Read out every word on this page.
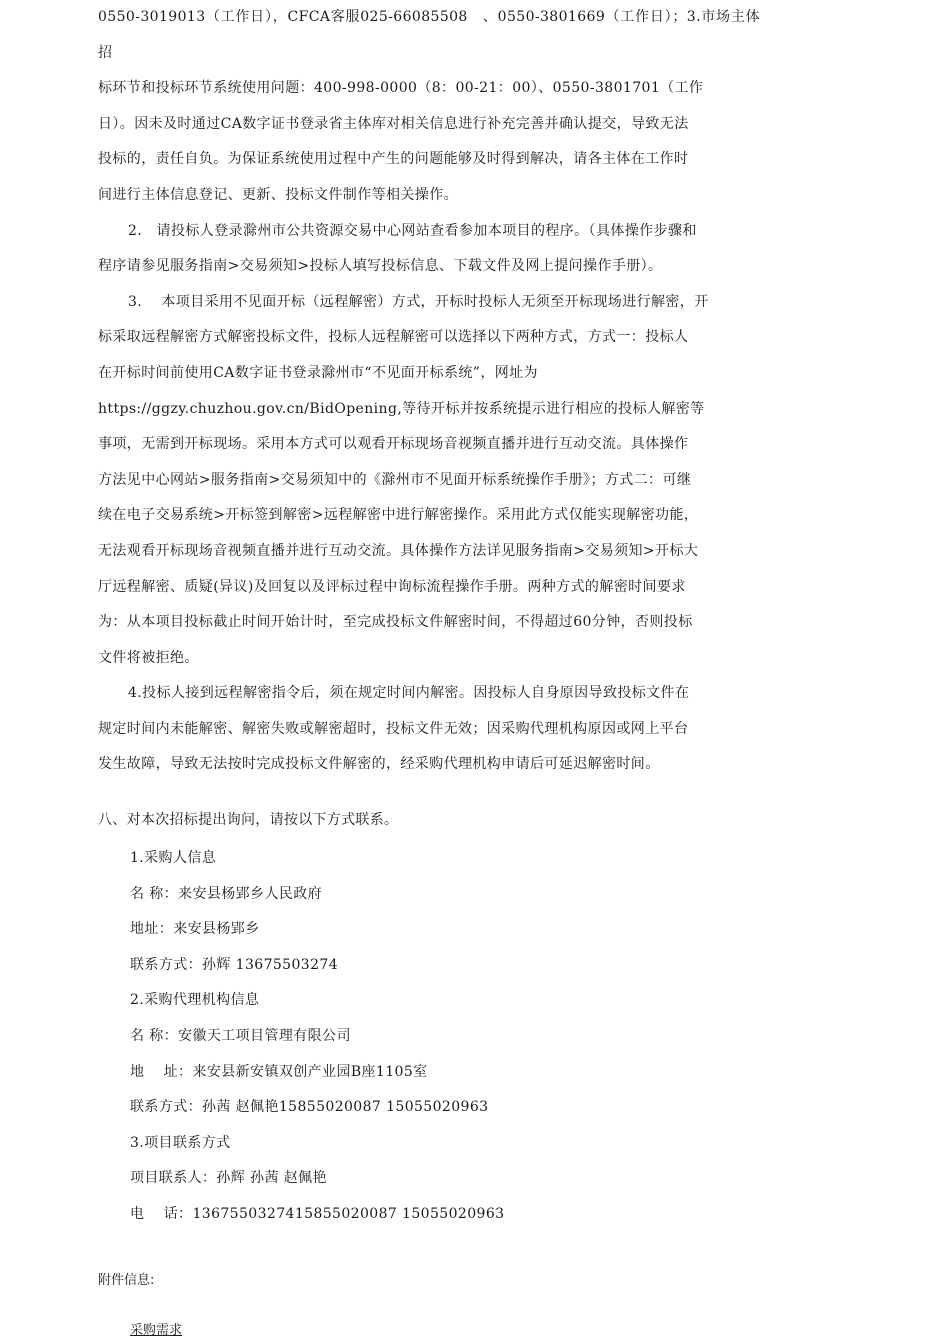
0550-3019013（工作日），CFCA客服025-66085508　、0550-3801669（工作日）；3.市场主体招

标环节和投标环节系统使用问题：400-998-0000（8：00-21：00）、0550-3801701（工作

日）。因未及时通过CA数字证书登录省主体库对相关信息进行补充完善并确认提交，导致无法

投标的，责任自负。为保证系统使用过程中产生的问题能够及时得到解决，请各主体在工作时

间进行主体信息登记、更新、投标文件制作等相关操作。

2.　请投标人登录滁州市公共资源交易中心网站查看参加本项目的程序。（具体操作步骤和

程序请参见服务指南>交易须知>投标人填写投标信息、下载文件及网上提问操作手册）。

3.　 本项目采用不见面开标（远程解密）方式，开标时投标人无须至开标现场进行解密，开

标采取远程解密方式解密投标文件，投标人远程解密可以选择以下两种方式，方式一：投标人

在开标时间前使用CA数字证书登录滁州市“不见面开标系统”，网址为

https://ggzy.chuzhou.gov.cn/BidOpening,等待开标并按系统提示进行相应的投标人解密等

事项，无需到开标现场。采用本方式可以观看开标现场音视频直播并进行互动交流。具体操作

方法见中心网站>服务指南>交易须知中的《滁州市不见面开标系统操作手册》；方式二：可继

续在电子交易系统>开标签到解密>远程解密中进行解密操作。采用此方式仅能实现解密功能，

无法观看开标现场音视频直播并进行互动交流。具体操作方法详见服务指南>交易须知>开标大

厅远程解密、质疑(异议)及回复以及评标过程中询标流程操作手册。两种方式的解密时间要求

为：从本项目投标截止时间开始计时，至完成投标文件解密时间，不得超过60分钟，否则投标

文件将被拒绝。

4.投标人接到远程解密指令后，须在规定时间内解密。因投标人自身原因导致投标文件在

规定时间内未能解密、解密失败或解密超时，投标文件无效；因采购代理机构原因或网上平台

发生故障，导致无法按时完成投标文件解密的，经采购代理机构申请后可延迟解密时间。

八、对本次招标提出询问，请按以下方式联系。

1.采购人信息

名 称：来安县杨郢乡人民政府

地址：来安县杨郢乡

联系方式：孙辉 13675503274

2.采购代理机构信息

名 称：安徽天工项目管理有限公司

地　 址：来安县新安镇双创产业园B座1105室

联系方式：孙茜 赵佩艳15855020087 15055020963

3.项目联系方式

项目联系人：孙辉 孙茜 赵佩艳

电　 话：1367550327415855020087 15055020963

附件信息:
采购需求
